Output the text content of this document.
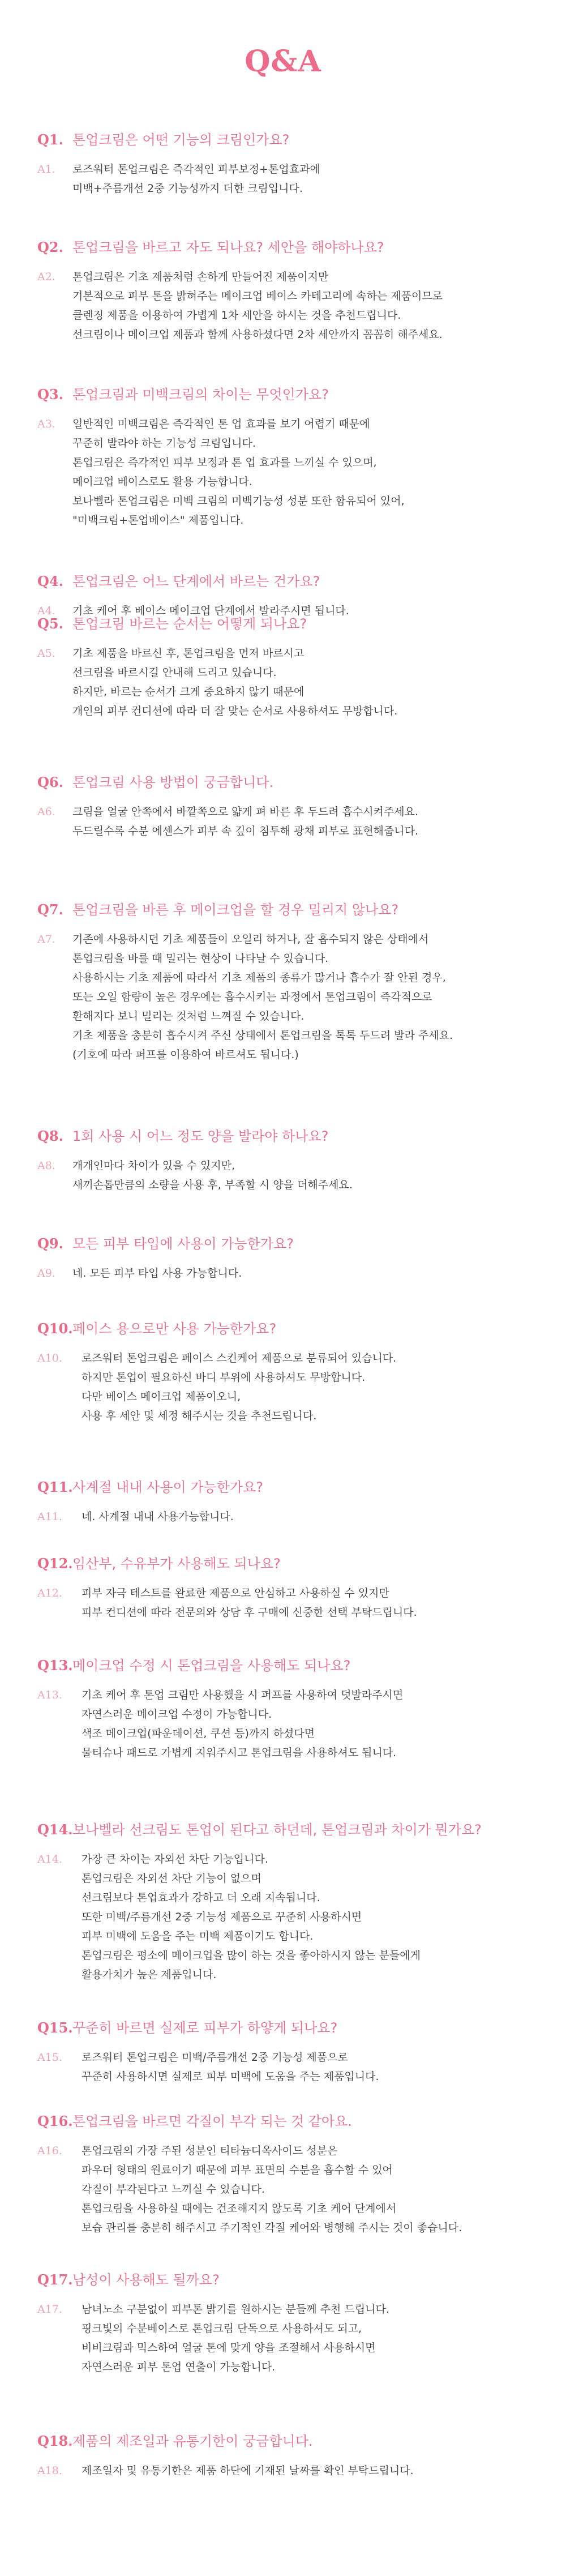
Q&A
Q1. 톤업크림은 어떤 기능의 크림인가요?
A1.	로즈워터 톤업크림은 즉각적인 피부보정+톤업효과에
미백+주름개선 2중 기능성까지 더한 크림입니다.
Q2. 톤업크림을 바르고 자도 되나요? 세안을 해야하나요?
A2.	톤업크림은 기초 제품처럼 손하게 만들어진 제품이지만
기본적으로 피부 톤을 밝혀주는 메이크업 베이스 카테고리에 속하는 제품이므로
클렌징 제품을 이용하여 가볍게 1차 세안을 하시는 것을 추천드립니다.
선크림이나 메이크업 제품과 함께 사용하셨다면 2차 세안까지 꼼꼼히 해주세요.
Q3. 톤업크림과 미백크림의 차이는 무엇인가요?
A3.	일반적인 미백크림은 즉각적인 톤 업 효과를 보기 어렵기 때문에
꾸준히 발라야 하는 기능성 크림입니다.
톤업크림은 즉각적인 피부 보정과 톤 업 효과를 느끼실 수 있으며,
메이크업 베이스로도 활용 가능합니다.
보나벨라 톤업크림은 미백 크림의 미백기능성 성분 또한 함유되어 있어,
"미백크림+톤업베이스" 제품입니다.
Q4. 톤업크림은 어느 단계에서 바르는 건가요?
A4.	기초 케어 후 베이스 메이크업 단계에서 발라주시면 됩니다.
Q5. 톤업크림 바르는 순서는 어떻게 되나요?
A5.	기초 제품을 바르신 후, 톤업크림을 먼저 바르시고
선크림을 바르시길 안내해 드리고 있습니다.
하지만, 바르는 순서가 크게 중요하지 않기 때문에
개인의 피부 컨디션에 따라 더 잘 맞는 순서로 사용하셔도 무방합니다.
Q6. 톤업크림 사용 방법이 궁금합니다.
A6.	크림을 얼굴 안쪽에서 바깥쪽으로 얇게 펴 바른 후 두드려 흡수시켜주세요.
두드릴수록 수분 에센스가 피부 속 깊이 침투해 광채 피부로 표현해줍니다.
Q7. 톤업크림을 바른 후 메이크업을 할 경우 밀리지 않나요?
A7.	기존에 사용하시던 기초 제품들이 오일리 하거나, 잘 흡수되지 않은 상태에서
톤업크림을 바를 때 밀리는 현상이 나타날 수 있습니다.
사용하시는 기초 제품에 따라서 기초 제품의 종류가 많거나 흡수가 잘 안된 경우,
또는 오일 함량이 높은 경우에는 흡수시키는 과정에서 톤업크림이 즉각적으로
환해지다 보니 밀리는 것처럼 느껴질 수 있습니다.
기초 제품을 충분히 흡수시켜 주신 상태에서 톤업크림을 톡톡 두드려 발라 주세요.
(기호에 따라 퍼프를 이용하여 바르셔도 됩니다.)
Q8. 1회 사용 시 어느 정도 양을 발라야 하나요?
A8.	개개인마다 차이가 있을 수 있지만,
새끼손톱만큼의 소량을 사용 후, 부족할 시 양을 더해주세요.
Q9. 모든 피부 타입에 사용이 가능한가요?
A9.	네. 모든 피부 타입 사용 가능합니다.
Q10.페이스 용으로만 사용 가능한가요?
A10.	로즈워터 톤업크림은 페이스 스킨케어 제품으로 분류되어 있습니다.
하지만 톤업이 필요하신 바디 부위에 사용하셔도 무방합니다.
다만 베이스 메이크업 제품이오니,
사용 후 세안 및 세정 해주시는 것을 추천드립니다.
Q11.사계절 내내 사용이 가능한가요?
A11.	네. 사계절 내내 사용가능합니다.
Q12.임산부, 수유부가 사용해도 되나요?
A12.	피부 자극 테스트를 완료한 제품으로 안심하고 사용하실 수 있지만
피부 컨디션에 따라 전문의와 상담 후 구매에 신중한 선택 부탁드립니다.
Q13.메이크업 수정 시 톤업크림을 사용해도 되나요?
A13.	기초 케어 후 톤업 크림만 사용했을 시 퍼프를 사용하여 덧발라주시면
자연스러운 메이크업 수정이 가능합니다.
색조 메이크업(파운데이션, 쿠션 등)까지 하셨다면
물티슈나 패드로 가볍게 지워주시고 톤업크림을 사용하셔도 됩니다.
Q14.보나벨라 선크림도 톤업이 된다고 하던데, 톤업크림과 차이가 뭔가요?
A14.	가장 큰 차이는 자외선 차단 기능입니다.
톤업크림은 자외선 차단 기능이 없으며
선크림보다 톤업효과가 강하고 더 오래 지속됩니다.
또한 미백/주름개선 2중 기능성 제품으로 꾸준히 사용하시면
피부 미백에 도움을 주는 미백 제품이기도 합니다.
톤업크림은 평소에 메이크업을 많이 하는 것을 좋아하시지 않는 분들에게
활용가치가 높은 제품입니다.
Q15.꾸준히 바르면 실제로 피부가 하얗게 되나요?
A15.	로즈워터 톤업크림은 미백/주름개선 2중 기능성 제품으로
꾸준히 사용하시면 실제로 피부 미백에 도움을 주는 제품입니다.
Q16.톤업크림을 바르면 각질이 부각 되는 것 같아요.
A16.	톤업크림의 가장 주된 성분인 티타늄디옥사이드 성분은
파우더 형태의 원료이기 때문에 피부 표면의 수분을 흡수할 수 있어
각질이 부각된다고 느끼실 수 있습니다.
톤업크림을 사용하실 때에는 건조해지지 않도록 기초 케어 단계에서
보습 관리를 충분히 해주시고 주기적인 각질 케어와 병행해 주시는 것이 좋습니다.
Q17.남성이 사용해도 될까요?
A17.	남녀노소 구분없이 피부톤 밝기를 원하시는 분들께 추천 드립니다.
핑크빛의 수분베이스로 톤업크림 단독으로 사용하셔도 되고,
비비크림과 믹스하여 얼굴 톤에 맞게 양을 조절해서 사용하시면
자연스러운 피부 톤업 연출이 가능합니다.
Q18.제품의 제조일과 유통기한이 궁금합니다.
A18.	제조일자 및 유통기한은 제품 하단에 기재된 날짜를 확인 부탁드립니다.
